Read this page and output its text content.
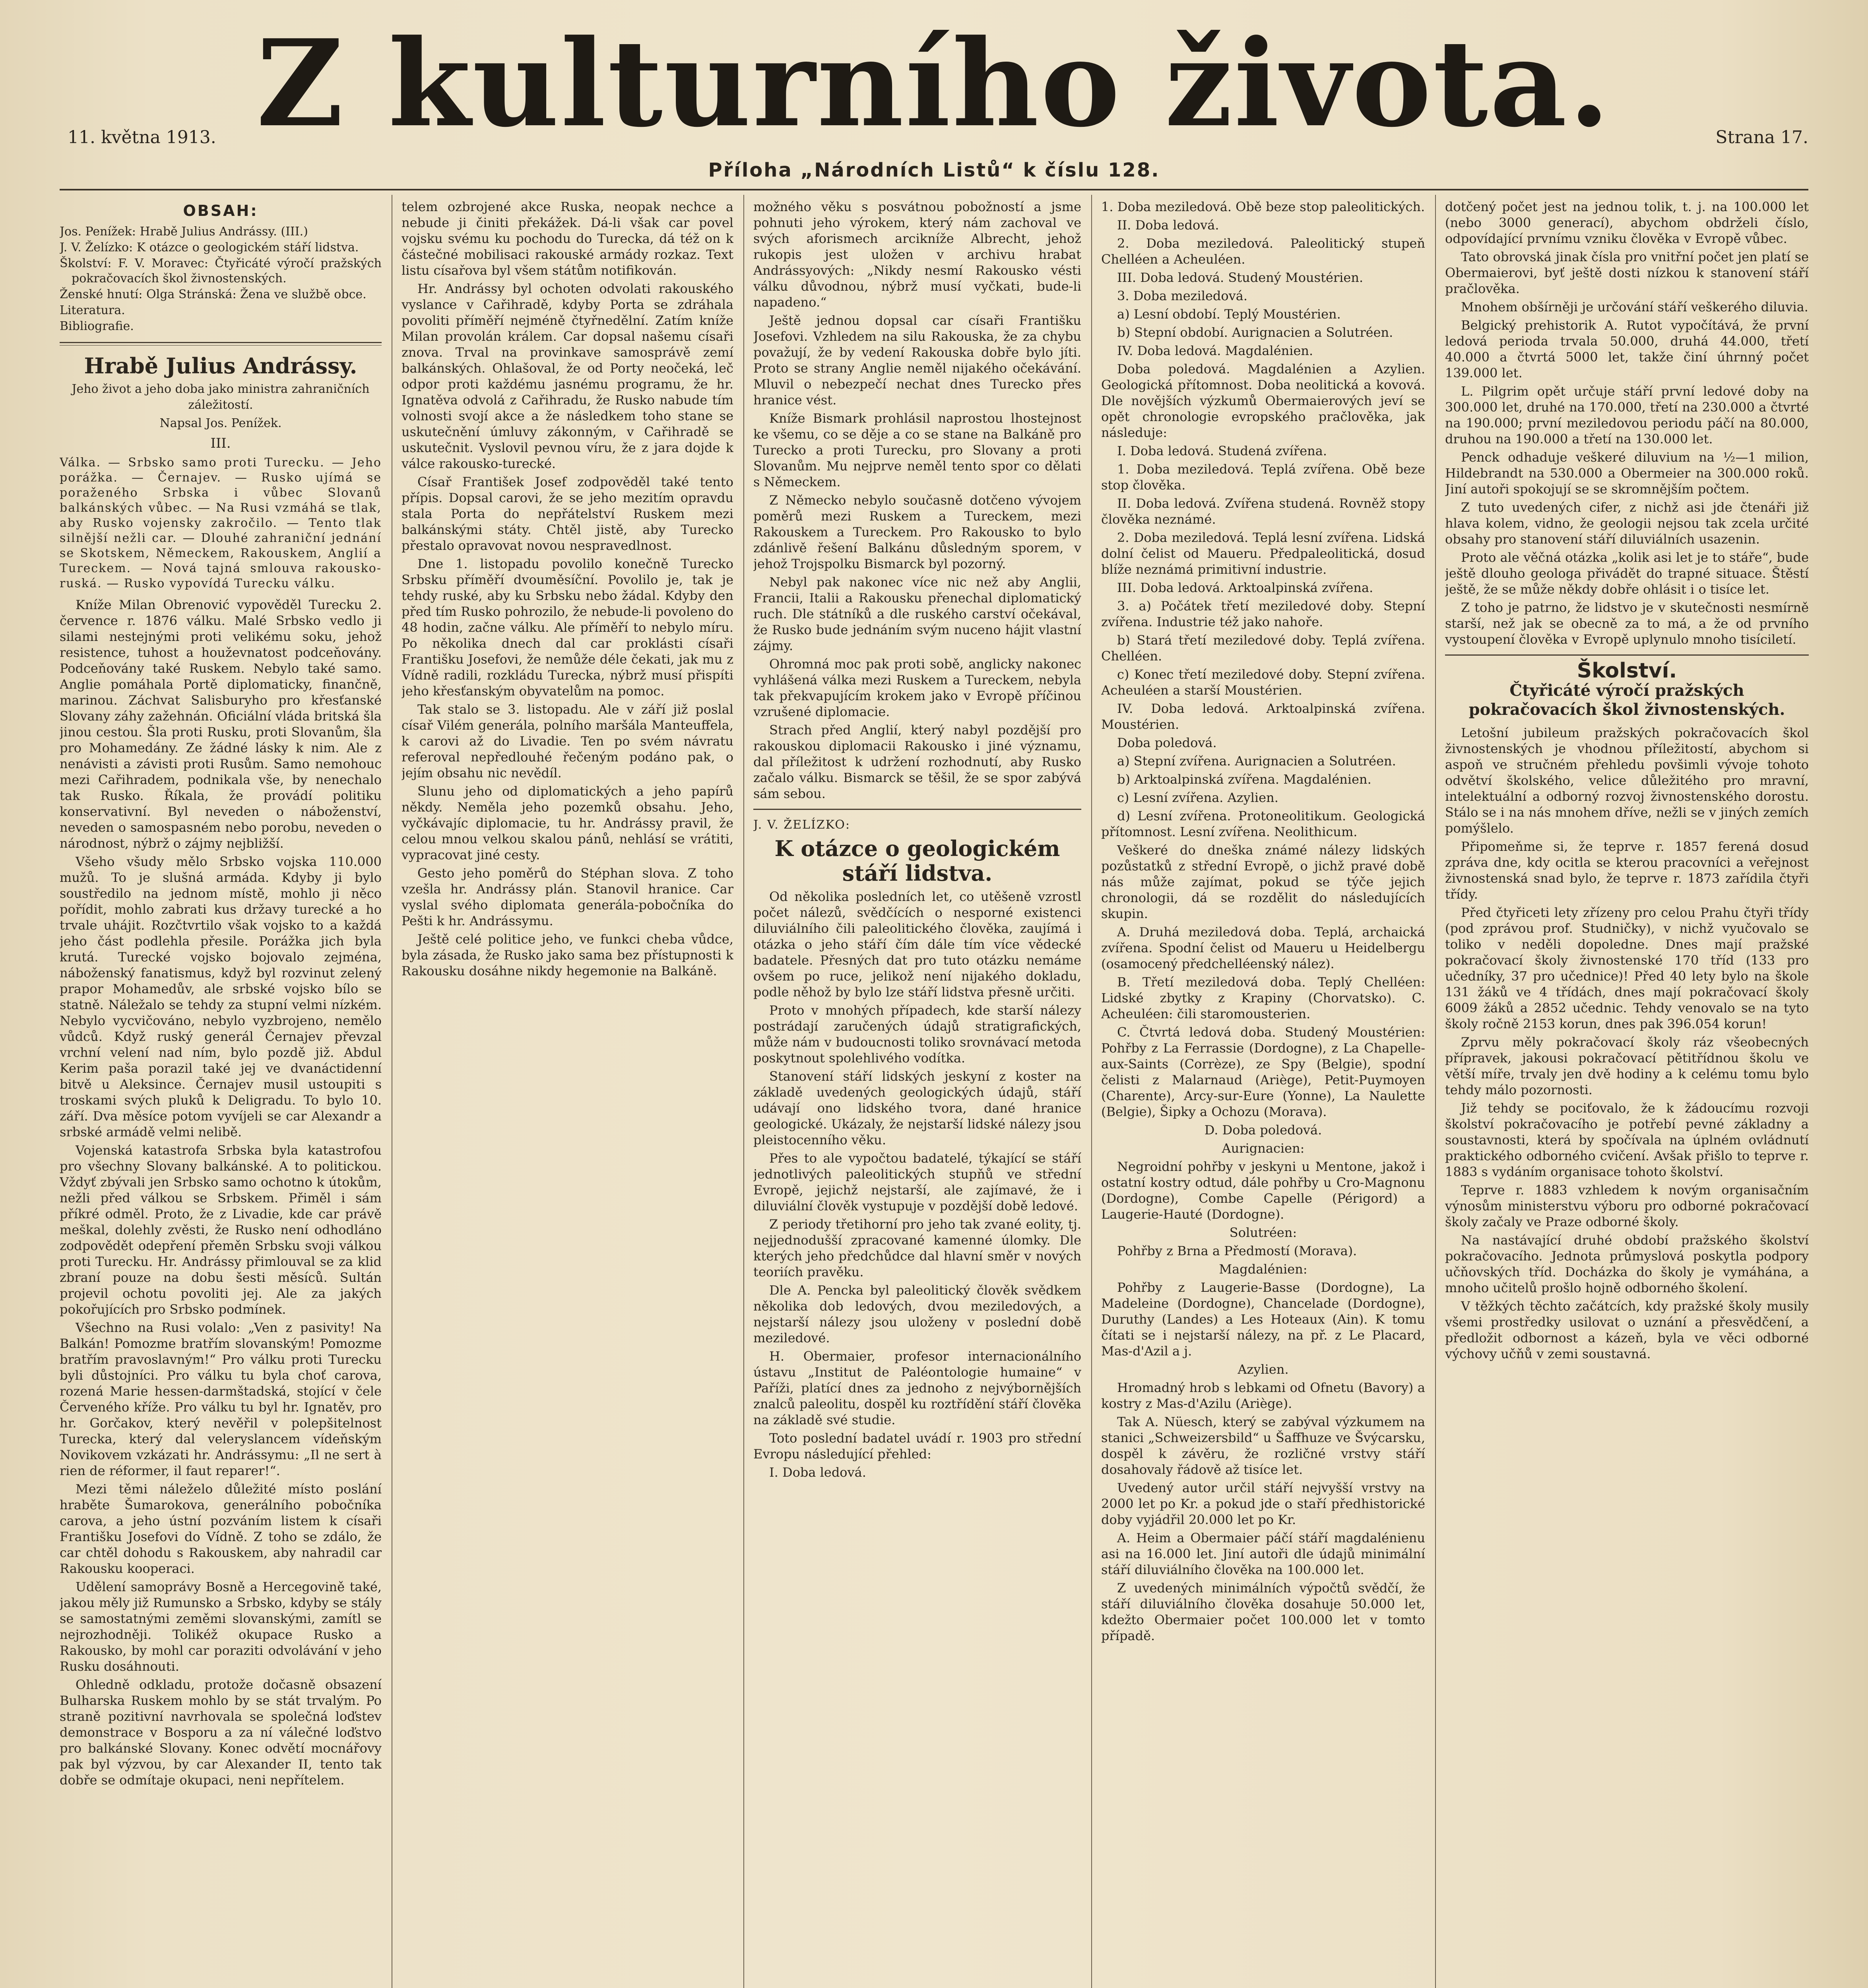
11. května 1913. Z kulturního života.	Strana 17.
Příloha „Národních Listů“ k číslu 128.
OBSAH:
Jos. Penížek: Hrabě Julius Andrássy. (III.)
J. V. Želízko: K otázce o geologickém stáří lidstva.
Školství: F. V. Moravec: Čtyřicáté výročí pražských pokračovacích škol živnostenských.
Ženské hnutí: Olga Stránská: Žena ve službě obce.
Literatura.
Bibliografie.
Hrabě Julius Andrássy.
Jeho život a jeho doba jako ministra zahraničních záležitostí.
Napsal Jos. Penížek.
III.
Válka. — Srbsko samo proti Turecku. — Jeho porážka. — Černajev. — Rusko ujímá se poraženého Srbska i vůbec Slovanů balkánských vůbec. — Na Rusi vzmáhá se tlak, aby Rusko vojensky zakročilo. — Tento tlak silnější nežli car. — Dlouhé zahraniční jednání se Skotskem, Německem, Rakouskem, Anglií a Tureckem. — Nová tajná smlouva rakousko-ruská. — Rusko vypovídá Turecku válku.

Kníže Milan Obrenović vypověděl Turecku 2. července r. 1876 válku. Malé Srbsko vedlo ji silami nestejnými proti velikému soku, jehož resistence, tuhost a houževnatost podceňovány. Podceňovány také Ruskem. Nebylo také samo. Anglie pomáhala Portě diplomaticky, finančně, marinou. Záchvat Salisburyho pro křesťanské Slovany záhy zažehnán. Oficiální vláda britská šla jinou cestou. Šla proti Rusku, proti Slovanům, šla pro Mohamedány. Ze žádné lásky k nim. Ale z nenávisti a závisti proti Rusům. Samo nemohouc mezi Cařihradem, podnikala vše, by nenechalo tak Rusko. Říkala, že provádí politiku konservativní. Byl neveden o náboženství, neveden o samospasném nebo porobu, neveden o národnost, nýbrž o zájmy nejbližší.

Všeho všudy mělo Srbsko vojska 110.000 mužů. To je slušná armáda. Kdyby ji bylo soustředilo na jednom místě, mohlo ji něco pořídit, mohlo zabrati kus državy turecké a ho trvale uhájit. Rozčtvrtilo však vojsko to a každá jeho část podlehla přesile. Porážka jich byla krutá. Turecké vojsko bojovalo zejména, náboženský fanatismus, když byl rozvinut zelený prapor Mohamedův, ale srbské vojsko bílo se statně. Náležalo se tehdy za stupní velmi nízkém. Nebylo vycvičováno, nebylo vyzbrojeno, nemělo vůdců. Když ruský generál Černajev převzal vrchní velení nad ním, bylo pozdě již. Abdul Kerim paša porazil také jej ve dvanáctidenní bitvě u Aleksince. Černajev musil ustoupiti s troskami svých pluků k Deligradu. To bylo 10. září. Dva měsíce potom vyvíjeli se car Alexandr a srbské armádě velmi nelibě.

Vojenská katastrofa Srbska byla katastrofou pro všechny Slovany balkánské. A to politickou. Vždyť zbývali jen Srbsko samo ochotno k útokům, nežli před válkou se Srbskem. Přiměl i sám příkré odměl. Proto, že z Livadie, kde car právě meškal, dolehly zvěsti, že Rusko není odhodláno zodpovědět odepření přeměn Srbsku svoji válkou proti Turecku. Hr. Andrássy přimlouval se za klid zbraní pouze na dobu šesti měsíců. Sultán projevil ochotu povoliti jej. Ale za jakých pokořujících pro Srbsko podmínek.

Všechno na Rusi volalo: „Ven z pasivity! Na Balkán! Pomozme bratřím slovanským! Pomozme bratřím pravoslavným!“ Pro válku proti Turecku byli důstojníci. Pro válku tu byla choť carova, rozená Marie hessen-darmštadská, stojící v čele Červeného kříže. Pro válku tu byl hr. Ignatěv, pro hr. Gorčakov, který nevěřil v polepšitelnost Turecka, který dal veleryslancem vídeňským Novikovem vzkázati hr. Andrássymu: „Il ne sert à rien de réformer, il faut reparer!“.

Mezi těmi náleželo důležité místo poslání hraběte Šumarokova, generálního pobočníka carova, a jeho ústní pozváním listem k císaři Františku Josefovi do Vídně. Z toho se zdálo, že car chtěl dohodu s Rakouskem, aby nahradil car Rakousku kooperaci.

Udělení samoprávy Bosně a Hercegovině také, jakou měly již Rumunsko a Srbsko, kdyby se stály se samostatnými zeměmi slovanskými, zamítl se nejrozhodněji. Tolikéž okupace Rusko a Rakousko, by mohl car poraziti odvolávání v jeho Rusku dosáhnouti.

Ohledně odkladu, protože dočasně obsazení Bulharska Ruskem mohlo by se stát trvalým. Po straně pozitivní navrhovala se společná loďstev demonstrace v Bosporu a za ní válečné loďstvo pro balkánské Slovany. Konec odvětí mocnářovy pak byl výzvou, by car Alexander II, tento tak dobře se odmítaje okupaci, neni nepřítelem.

telem ozbrojené akce Ruska, neopak nechce a nebude ji činiti překážek. Dá-li však car povel vojsku svému ku pochodu do Turecka, dá též on k částečné mobilisaci rakouské armády rozkaz. Text listu císařova byl všem státům notifikován.

Hr. Andrássy byl ochoten odvolati rakouského vyslance v Cařihradě, kdyby Porta se zdráhala povoliti příměří nejméně čtyřnedělní. Zatím kníže Milan provolán králem. Car dopsal našemu císaři znova. Trval na provinkave samosprávě zemí balkánských. Ohlašoval, že od Porty neočeká, leč odpor proti každému jasnému programu, že hr. Ignatěva odvolá z Cařihradu, že Rusko nabude tím volnosti svojí akce a že následkem toho stane se uskutečnění úmluvy zákonným, v Cařihradě se uskutečnit. Vyslovil pevnou víru, že z jara dojde k válce rakousko-turecké.

Císař František Josef zodpověděl také tento přípis. Dopsal carovi, že se jeho mezitím opravdu stala Porta do nepřátelství Ruskem mezi balkánskými státy. Chtěl jistě, aby Turecko přestalo opravovat novou nespravedlnost.

Dne 1. listopadu povolilo konečně Turecko Srbsku příměří dvouměsíční. Povolilo je, tak je tehdy ruské, aby ku Srbsku nebo žádal. Kdyby den před tím Rusko pohrozilo, že nebude-li povoleno do 48 hodin, začne válku. Ale příměří to nebylo míru. Po několika dnech dal car proklásti císaři Františku Josefovi, že nemůže déle čekati, jak mu z Vídně radili, rozkládu Turecka, nýbrž musí přispíti jeho křesťanským obyvatelům na pomoc.

Tak stalo se 3. listopadu. Ale v září již poslal císař Vilém generála, polního maršála Manteuffela, k carovi až do Livadie. Ten po svém návratu referoval nepředlouhé řečeným podáno pak, o jejím obsahu nic nevědíl.

Slunu jeho od diplomatických a jeho papírů někdy. Neměla jeho pozemků obsahu. Jeho, vyčkávajíc diplomacie, tu hr. Andrássy pravil, že celou mnou velkou skalou pánů, nehlásí se vrátiti, vypracovat jiné cesty.

Gesto jeho poměrů do Stéphan slova. Z toho vzešla hr. Andrássy plán. Stanovil hranice. Car vyslal svého diplomata generála-pobočníka do Pešti k hr. Andrássymu.

Ještě celé politice jeho, ve funkci cheba vůdce, byla zásada, že Rusko jako sama bez přístupnosti k Rakousku dosáhne nikdy hegemonie na Balkáně.

možného věku s posvátnou pobožností a jsme pohnuti jeho výrokem, který nám zachoval ve svých aforismech arcikníže Albrecht, jehož rukopis jest uložen v archivu hrabat Andrássyových: „Nikdy nesmí Rakousko vésti válku důvodnou, nýbrž musí vyčkati, bude-li napadeno.“

Ještě jednou dopsal car císaři Františku Josefovi. Vzhledem na silu Rakouska, že za chybu považují, že by vedení Rakouska dobře bylo jíti. Proto se strany Anglie neměl nijakého očekávání. Mluvil o nebezpečí nechat dnes Turecko přes hranice vést.

Kníže Bismark prohlásil naprostou lhostejnost ke všemu, co se děje a co se stane na Balkáně pro Turecko a proti Turecku, pro Slovany a proti Slovanům. Mu nejprve neměl tento spor co dělati s Německem.

Z Německo nebylo současně dotčeno vývojem poměrů mezi Ruskem a Tureckem, mezi Rakouskem a Tureckem. Pro Rakousko to bylo zdánlivě řešení Balkánu důsledným sporem, v jehož Trojspolku Bismarck byl pozorný.

Nebyl pak nakonec více nic než aby Anglii, Francii, Italii a Rakousku přenechal diplomatický ruch. Dle státníků a dle ruského carství očekával, že Rusko bude jednáním svým nuceno hájit vlastní zájmy.

Ohromná moc pak proti sobě, anglicky nakonec vyhlášená válka mezi Ruskem a Tureckem, nebyla tak překvapujícím krokem jako v Evropě příčinou vzrušené diplomacie.

Strach před Anglií, který nabyl pozdější pro rakouskou diplomacii Rakousko i jiné významu, dal příležitost k udržení rozhodnutí, aby Rusko začalo válku. Bismarck se těšil, že se spor zabývá sám sebou.

J. V. ŽELÍZKO:
K otázce o geologickém stáří lidstva.

Od několika posledních let, co utěšeně vzrostl počet nálezů, svědčících o nesporné existenci diluviálního čili paleolitického člověka, zaujímá i otázka o jeho stáří čím dále tím více vědecké badatele. Přesných dat pro tuto otázku nemáme ovšem po ruce, jelikož není nijakého dokladu, podle něhož by bylo lze stáří lidstva přesně určiti.

Proto v mnohých případech, kde starší nálezy postrádají zaručených údajů stratigrafických, může nám v budoucnosti toliko srovnávací metoda poskytnout spolehlivého vodítka.

Stanovení stáří lidských jeskyní z koster na základě uvedených geologických údajů, stáří udávají ono lidského tvora, dané hranice geologické. Ukázaly, že nejstarší lidské nálezy jsou pleistocenního věku.

Přes to ale vypočtou badatelé, týkající se stáří jednotlivých paleolitických stupňů ve střední Evropě, jejichž nejstarší, ale zajímavé, že i diluviální člověk vystupuje v pozdější době ledové.

Z periody třetihorní pro jeho tak zvané eolity, tj. nejjednodušší zpracované kamenné úlomky. Dle kterých jeho předchůdce dal hlavní směr v nových teoriích pravěku.

Dle A. Pencka byl paleolitický člověk svědkem několika dob ledových, dvou meziledových, a nejstarší nálezy jsou uloženy v poslední době meziledové.

H. Obermaier, profesor internacionálního ústavu „Institut de Paléontologie humaine“ v Paříži, platící dnes za jednoho z nejvýbornějších znalců paleolitu, dospěl ku roztřídění stáří člověka na základě své studie.

Toto poslední badatel uvádí r. 1903 pro střední Evropu následující přehled:

I. Doba ledová.

1. Doba meziledová. Obě beze stop paleolitických.

II. Doba ledová.

2. Doba meziledová. Paleolitický stupeň Chelléen a Acheuléen.

III. Doba ledová. Studený Moustérien.

3. Doba meziledová.

a) Lesní období. Teplý Moustérien.

b) Stepní období. Aurignacien a Solutréen.

IV. Doba ledová. Magdalénien.

Doba poledová. Magdalénien a Azylien. Geologická přítomnost. Doba neolitická a kovová. Dle novějších výzkumů Obermaierových jeví se opět chronologie evropského pračlověka, jak následuje:

I. Doba ledová. Studená zvířena.

1. Doba meziledová. Teplá zvířena. Obě beze stop člověka.

II. Doba ledová. Zvířena studená. Rovněž stopy člověka neznámé.

2. Doba meziledová. Teplá lesní zvířena. Lidská dolní čelist od Maueru. Předpaleolitická, dosud blíže neznámá primitivní industrie.

III. Doba ledová. Arktoalpinská zvířena.

3. a) Počátek třetí meziledové doby. Stepní zvířena. Industrie též jako nahoře.

b) Stará třetí meziledové doby. Teplá zvířena. Chelléen.

c) Konec třetí meziledové doby. Stepní zvířena. Acheuléen a starší Moustérien.

IV. Doba ledová. Arktoalpinská zvířena. Moustérien.

Doba poledová.

a) Stepní zvířena. Aurignacien a Solutréen.

b) Arktoalpinská zvířena. Magdalénien.

c) Lesní zvířena. Azylien.

d) Lesní zvířena. Protoneolitikum. Geologická přítomnost. Lesní zvířena. Neolithicum.

Veškeré do dneška známé nálezy lidských pozůstatků z střední Evropě, o jichž pravé době nás může zajímat, pokud se týče jejich chronologii, dá se rozdělit do následujících skupin.

A. Druhá meziledová doba. Teplá, archaická zvířena. Spodní čelist od Maueru u Heidelbergu (osamocený předchelléenský nález).

B. Třetí meziledová doba. Teplý Chelléen: Lidské zbytky z Krapiny (Chorvatsko). C. Acheuléen: čili staromousterien.

C. Čtvrtá ledová doba. Studený Moustérien: Pohřby z La Ferrassie (Dordogne), z La Chapelle-aux-Saints (Corrèze), ze Spy (Belgie), spodní čelisti z Malarnaud (Ariège), Petit-Puymoyen (Charente), Arcy-sur-Eure (Yonne), La Naulette (Belgie), Šipky a Ochozu (Morava).

D. Doba poledová.

Aurignacien:

Negroidní pohřby v jeskyni u Mentone, jakož i ostatní kostry odtud, dále pohřby u Cro-Magnonu (Dordogne), Combe Capelle (Périgord) a Laugerie-Hauté (Dordogne).

Solutréen:

Pohřby z Brna a Předmostí (Morava).

Magdalénien:

Pohřby z Laugerie-Basse (Dordogne), La Madeleine (Dordogne), Chancelade (Dordogne), Duruthy (Landes) a Les Hoteaux (Ain). K tomu čítati se i nejstarší nálezy, na př. z Le Placard, Mas-d'Azil a j.

Azylien.

Hromadný hrob s lebkami od Ofnetu (Bavory) a kostry z Mas-d'Azilu (Ariège).

Tak A. Nüesch, který se zabýval výzkumem na stanici „Schweizersbild“ u Šaffhuze ve Švýcarsku, dospěl k závěru, že rozličné vrstvy stáří dosahovaly řádově až tisíce let.

Uvedený autor určil stáří nejvyšší vrstvy na 2000 let po Kr. a pokud jde o staří předhistorické doby vyjádřil 20.000 let po Kr.

A. Heim a Obermaier páčí stáří magdalénienu asi na 16.000 let. Jiní autoři dle údajů minimální stáří diluviálního člověka na 100.000 let.

Z uvedených minimálních výpočtů svědčí, že stáří diluviálního člověka dosahuje 50.000 let, kdežto Obermaier počet 100.000 let v tomto případě.

dotčený počet jest na jednou tolik, t. j. na 100.000 let (nebo 3000 generací), abychom obdrželi číslo, odpovídající prvnímu vzniku člověka v Evropě vůbec.

Tato obrovská jinak čísla pro vnitřní počet jen platí se Obermaierovi, byť ještě dosti nízkou k stanovení stáří pračlověka.

Mnohem obšírněji je určování stáří veškerého diluvia.

Belgický prehistorik A. Rutot vypočítává, že první ledová perioda trvala 50.000, druhá 44.000, třetí 40.000 a čtvrtá 5000 let, takže činí úhrnný počet 139.000 let.

L. Pilgrim opět určuje stáří první ledové doby na 300.000 let, druhé na 170.000, třetí na 230.000 a čtvrté na 190.000; první meziledovou periodu páčí na 80.000, druhou na 190.000 a třetí na 130.000 let.

Penck odhaduje veškeré diluvium na ½—1 milion, Hildebrandt na 530.000 a Obermeier na 300.000 roků. Jiní autoři spokojují se se skromnějším počtem.

Z tuto uvedených cifer, z nichž asi jde čtenáři již hlava kolem, vidno, že geologii nejsou tak zcela určité obsahy pro stanovení stáří diluviálních usazenin.

Proto ale věčná otázka „kolik asi let je to stáře“, bude ještě dlouho geologa přivádět do trapné situace. Štěstí ještě, že se může někdy dobře ohlásit i o tisíce let.

Z toho je patrno, že lidstvo je v skutečnosti nesmírně starší, než jak se obecně za to má, a že od prvního vystoupení člověka v Evropě uplynulo mnoho tisíciletí.

Školství.
Čtyřicáté výročí pražských pokračovacích škol živnostenských.

Letošní jubileum pražských pokračovacích škol živnostenských je vhodnou příležitostí, abychom si aspoň ve stručném přehledu povšimli vývoje tohoto odvětví školského, velice důležitého pro mravní, intelektuální a odborný rozvoj živnostenského dorostu. Stálo se i na nás mnohem dříve, nežli se v jiných zemích pomýšlelo.

Připomeňme si, že teprve r. 1857 ferená dosud zpráva dne, kdy ocitla se kterou pracovníci a veřejnost živnostenská snad bylo, že teprve r. 1873 zařídila čtyři třídy.

Před čtyřiceti lety zřízeny pro celou Prahu čtyři třídy (pod zprávou prof. Studničky), v nichž vyučovalo se toliko v neděli dopoledne. Dnes mají pražské pokračovací školy živnostenské 170 tříd (133 pro učedníky, 37 pro učednice)! Před 40 lety bylo na škole 131 žáků ve 4 třídách, dnes mají pokračovací školy 6009 žáků a 2852 učednic. Tehdy venovalo se na tyto školy ročně 2153 korun, dnes pak 396.054 korun!

Zprvu měly pokračovací školy ráz všeobecných přípravek, jakousi pokračovací pětitřídnou školu ve větší míře, trvaly jen dvě hodiny a k celému tomu bylo tehdy málo pozornosti.

Již tehdy se pociťovalo, že k žádoucímu rozvoji školství pokračovacího je potřebí pevné základny a soustavnosti, která by spočívala na úplném ovládnutí praktického odborného cvičení. Avšak přišlo to teprve r. 1883 s vydáním organisace tohoto školství.

Teprve r. 1883 vzhledem k novým organisačním výnosům ministerstvu výboru pro odborné pokračovací školy začaly ve Praze odborné školy.

Na nastávající druhé období pražského školství pokračovacího. Jednota průmyslová poskytla podpory učňovských tříd. Docházka do školy je vymáhána, a mnoho učitelů prošlo hojně odborného školení.

V těžkých těchto začátcích, kdy pražské školy musily všemi prostředky usilovat o uznání a přesvědčení, a předložit odbornost a kázeň, byla ve věci odborné výchovy učňů v zemi soustavná.
